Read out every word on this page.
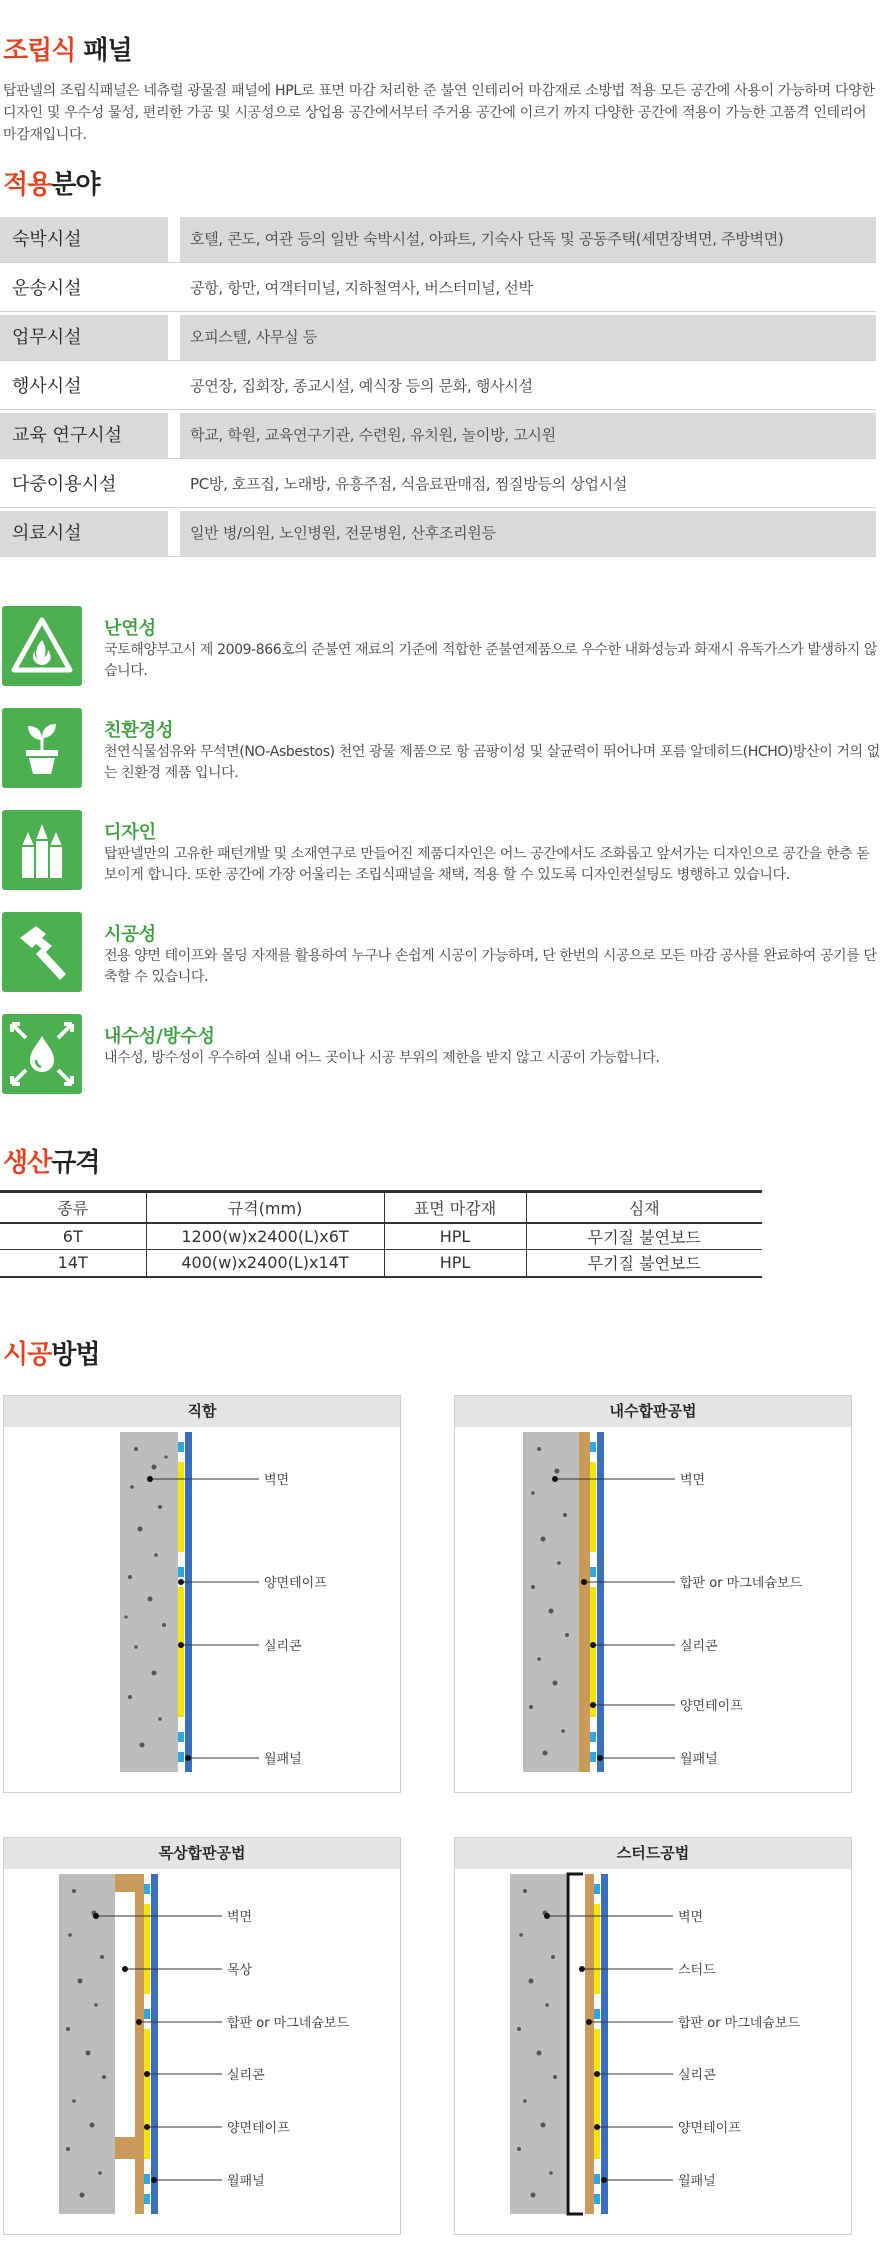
조립식 패널
탑판넬의 조립식패널은 네츄럴 광물질 패널에 HPL로 표면 마감 처리한 준 불연 인테리어 마감재로 소방법 적용 모든 공간에 사용이 가능하며 다양한 디자인 및 우수성 물성, 편리한 가공 및 시공성으로 상업용 공간에서부터 주거용 공간에 이르기 까지 다양한 공간에 적용이 가능한 고품격 인테리어 마감재입니다.
적용분야
숙박시설	호텔, 콘도, 여관 등의 일반 숙박시설, 아파트, 기숙사 단독 및 공동주택(세면장벽면, 주방벽면)
운송시설	공항, 항만, 여객터미널, 지하철역사, 버스터미널, 선박
업무시설	오피스텔, 사무실 등
행사시설	공연장, 집회장, 종교시설, 예식장 등의 문화, 행사시설
교육 연구시설	학교, 학원, 교육연구기관, 수련원, 유치원, 놀이방, 고시원
다중이용시설	PC방, 호프집, 노래방, 유흥주점, 식음료판매점, 찜질방등의 상업시설
의료시설	일반 병/의원, 노인병원, 전문병원, 산후조리원등
난연성
국토해양부고시 제 2009-866호의 준불연 재료의 기준에 적합한 준불연제품으로 우수한 내화성능과 화재시 유독가스가 발생하지 않습니다.
친환경성
천연식물섬유와 무석면(NO-Asbestos) 천연 광물 제품으로 항 곰팡이성 및 살균력이 뛰어나며 포름 알데히드(HCHO)방산이 거의 없는 친환경 제품 입니다.
디자인
탑판넬만의 고유한 패턴개발 및 소재연구로 만들어진 제품디자인은 어느 공간에서도 조화롭고 앞서가는 디자인으로 공간을 한층 돋보이게 합니다. 또한 공간에 가장 어울리는 조립식패널을 채택, 적용 할 수 있도록 디자인컨설팅도 병행하고 있습니다.
시공성
전용 양면 테이프와 몰딩 자재를 활용하여 누구나 손쉽게 시공이 가능하며, 단 한번의 시공으로 모든 마감 공사를 완료하여 공기를 단축할 수 있습니다.
내수성/방수성
내수성, 방수성이 우수하여 실내 어느 곳이나 시공 부위의 제한을 받지 않고 시공이 가능합니다.
생산규격
종류	규격(mm)	표면 마감재	심재
6T	1200(w)x2400(L)x6T	HPL	무기질 불연보드
14T	400(w)x2400(L)x14T	HPL	무기질 불연보드
시공방법
직함
벽면
양면테이프
실리콘
월패널
내수합판공법
벽면
합판 or 마그네슘보드
실리콘
양면테이프
월패널
목상합판공법
벽면
목상
합판 or 마그네슘보드
실리콘
양면테이프
월패널
스터드공법
벽면
스터드
합판 or 마그네슘보드
실리콘
양면테이프
월패널
